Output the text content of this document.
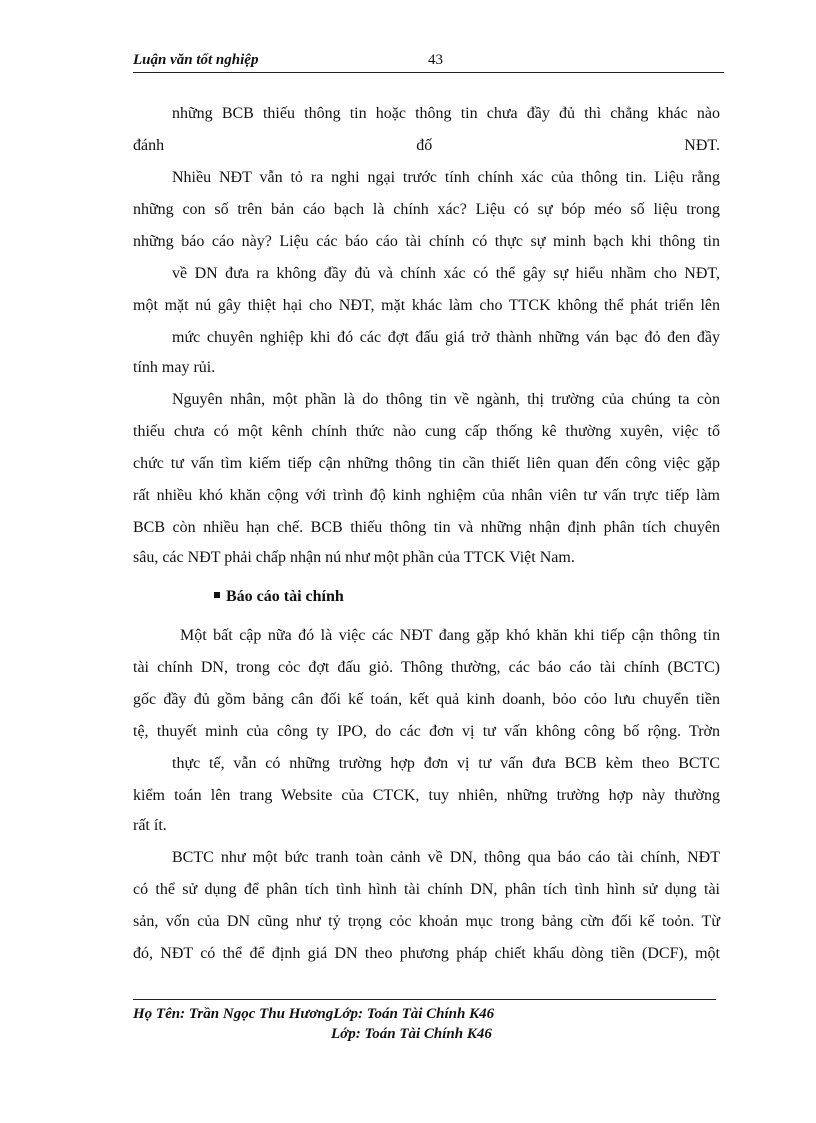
Luận văn tốt nghiệp	43
những BCB thiếu thông tin hoặc thông tin chưa đầy đủ thì chẳng khác nào
đánh đố NĐT.
Nhiều NĐT vẫn tỏ ra nghi ngại trước tính chính xác của thông tin. Liệu rằng
những con số trên bản cáo bạch là chính xác? Liệu có sự bóp méo số liệu trong
những báo cáo này? Liệu các báo cáo tài chính có thực sự minh bạch khi thông tin
về DN đưa ra không đầy đủ và chính xác có thể gây sự hiểu nhầm cho NĐT,
một mặt nú gây thiệt hại cho NĐT, mặt khác làm cho TTCK không thể phát triển lên
mức chuyên nghiệp khi đó các đợt đấu giá trở thành những ván bạc đỏ đen đầy
tính may rủi.
Nguyên nhân, một phần là do thông tin về ngành, thị trường của chúng ta còn
thiếu chưa có một kênh chính thức nào cung cấp thống kê thường xuyên, việc tổ
chức tư vấn tìm kiếm tiếp cận những thông tin cần thiết liên quan đến công việc gặp
rất nhiều khó khăn cộng với trình độ kinh nghiệm của nhân viên tư vấn trực tiếp làm
BCB còn nhiều hạn chế. BCB thiếu thông tin và những nhận định phân tích chuyên
sâu, các NĐT phải chấp nhận nú như một phần của TTCK Việt Nam.
Báo cáo tài chính
Một bất cập nữa đó là việc các NĐT đang gặp khó khăn khi tiếp cận thông tin
tài chính DN, trong cỏc đợt đấu giỏ. Thông thường, các báo cáo tài chính (BCTC)
gốc đầy đủ gồm bảng cân đối kế toán, kết quả kinh doanh, bỏo cỏo lưu chuyển tiền
tệ, thuyết minh của công ty IPO, do các đơn vị tư vấn không công bố rộng. Trờn
thực tế, vẫn có những trường hợp đơn vị tư vấn đưa BCB kèm theo BCTC
kiểm toán lên trang Website của CTCK, tuy nhiên, những trường hợp này thường
rất ít.
BCTC như một bức tranh toàn cảnh về DN, thông qua báo cáo tài chính, NĐT
có thể sử dụng để phân tích tình hình tài chính DN, phân tích tình hình sử dụng tài
sản, vốn của DN cũng như tỷ trọng cỏc khoản mục trong bảng cừn đối kế toỏn. Từ
đó, NĐT có thể để định giá DN theo phương pháp chiết khấu dòng tiền (DCF), một
Họ Tên: Trần Ngọc Thu HươngLớp: Toán Tài Chính K46
Lớp: Toán Tài Chính K46
